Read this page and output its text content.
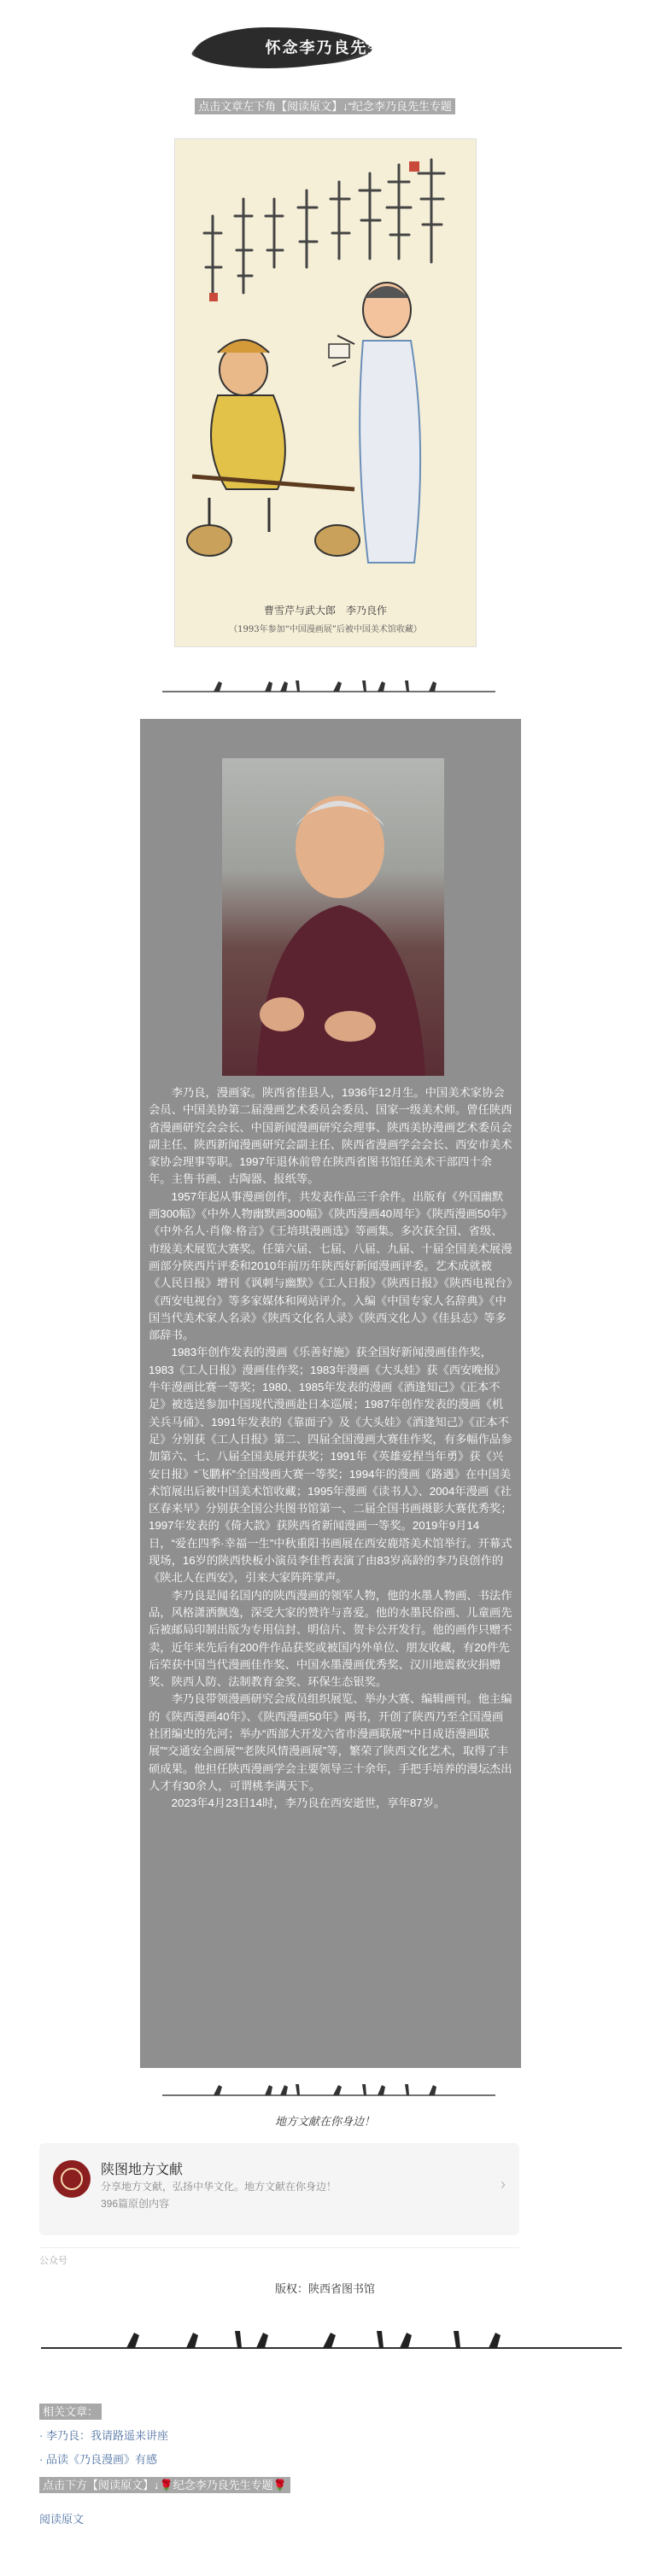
怀念李乃良先生
点击文章左下角【阅读原文】↓“纪念李乃良先生专题
曹雪芹与武大郎　李乃良作
（1993年参加“中国漫画展”后被中国美术馆收藏）

李乃良，漫画家。陕西省佳县人，1936年12月生。中国美术家协会会员、中国美协第二届漫画艺术委员会委员、国家一级美术师。曾任陕西省漫画研究会会长、中国新闻漫画研究会理事、陕西美协漫画艺术委员会副主任、陕西新闻漫画研究会副主任、陕西省漫画学会会长、西安市美术家协会理事等职。1997年退休前曾在陕西省图书馆任美术干部四十余年。主售书画、古陶器、报纸等。

1957年起从事漫画创作，共发表作品三千余件。出版有《外国幽默画300幅》《中外人物幽默画300幅》《陕西漫画40周年》《陕西漫画50年》《中外名人·肖像·格言》《王培琪漫画选》等画集。多次获全国、省级、市级美术展览大赛奖。任第六届、七届、八届、九届、十届全国美术展漫画部分陕西片评委和2010年前历年陕西好新闻漫画评委。艺术成就被《人民日报》增刊《讽刺与幽默》《工人日报》《陕西日报》《陕西电视台》《西安电视台》等多家媒体和网站评介。入编《中国专家人名辞典》《中国当代美术家人名录》《陕西文化名人录》《陕西文化人》《佳县志》等多部辞书。

1983年创作发表的漫画《乐善好施》获全国好新闻漫画佳作奖，1983《工人日报》漫画佳作奖；1983年漫画《大头娃》获《西安晚报》牛年漫画比赛一等奖；1980、1985年发表的漫画《酒逢知己》《正本不足》被选送参加中国现代漫画赴日本巡展；1987年创作发表的漫画《机关兵马俑》、1991年发表的《靠面子》及《大头娃》《酒逢知己》《正本不足》分别获《工人日报》第二、四届全国漫画大赛佳作奖，有多幅作品参加第六、七、八届全国美展并获奖；1991年《英雄爱捏当年勇》获《兴安日报》“飞鹏杯”全国漫画大赛一等奖；1994年的漫画《路遇》在中国美术馆展出后被中国美术馆收藏；1995年漫画《读书人》、2004年漫画《社区春来早》分别获全国公共图书馆第一、二届全国书画摄影大赛优秀奖；1997年发表的《倚大款》获陕西省新闻漫画一等奖。2019年9月14日，“爱在四季·幸福一生”中秋重阳书画展在西安鹿塔美术馆举行。开幕式现场，16岁的陕西快板小演员李佳哲表演了由83岁高龄的李乃良创作的《陕北人在西安》，引来大家阵阵掌声。

李乃良是闻名国内的陕西漫画的领军人物，他的水墨人物画、书法作品，风格潇洒飘逸，深受大家的赞许与喜爱。他的水墨民俗画、儿童画先后被邮局印制出版为专用信封、明信片、贺卡公开发行。他的画作只赠不卖，近年来先后有200件作品获奖或被国内外单位、朋友收藏，有20件先后荣获中国当代漫画佳作奖、中国水墨漫画优秀奖、汉川地震救灾捐赠奖、陕西人防、法制教育金奖、环保生态银奖。

李乃良带领漫画研究会成员组织展览、举办大赛、编辑画刊。他主编的《陕西漫画40年》、《陕西漫画50年》两书，开创了陕西乃至全国漫画社团编史的先河；举办“西部大开发六省市漫画联展”“中日成语漫画联展”“交通安全画展”“老陕风情漫画展”等，繁荣了陕西文化艺术，取得了丰硕成果。他担任陕西漫画学会主要领导三十余年，手把手培养的漫坛杰出人才有30余人，可谓桃李满天下。

2023年4月23日14时，李乃良在西安逝世，享年87岁。

地方文献在你身边！
陕图地方文献
分享地方文献，弘扬中华文化。地方文献在你身边！
396篇原创内容
›
公众号
版权：陕西省图书馆
相关文章：
· 李乃良：我请路遥来讲座
· 品读《乃良漫画》有感
点击下方【阅读原文】↓🌹纪念李乃良先生专题🌹
阅读原文
